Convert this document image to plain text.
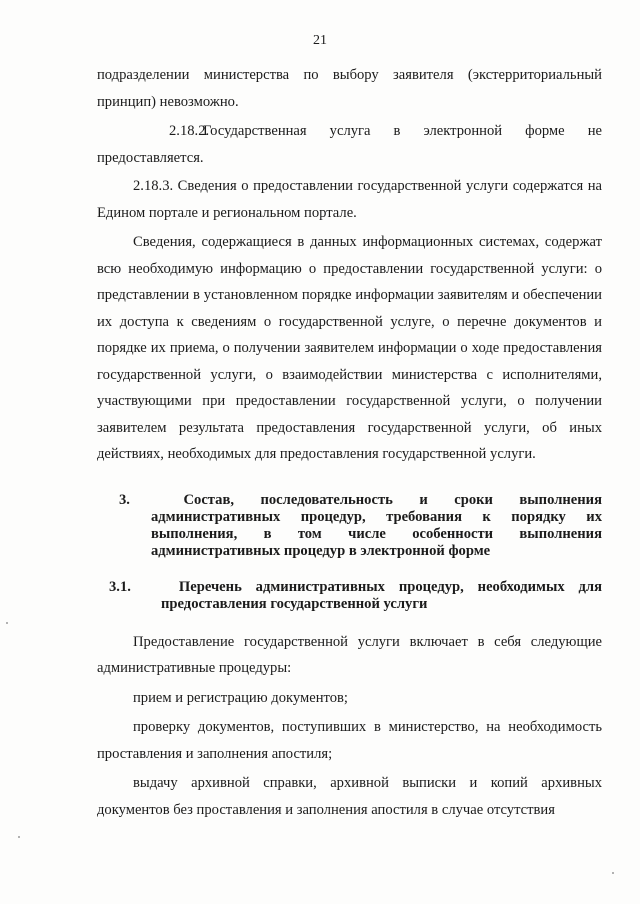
21

подразделении министерства по выбору заявителя (экстерриториальный принцип) невозможно.

2.18.2.Государственная услуга в электронной форме не предоставляется.

2.18.3. Сведения о предоставлении государственной услуги содержатся на Едином портале и региональном портале.

Сведения, содержащиеся в данных информационных системах, содержат всю необходимую информацию о предоставлении государственной услуги: о представлении в установленном порядке информации заявителям и обеспечении их доступа к сведениям о государственной услуге, о перечне документов и порядке их приема, о получении заявителем информации о ходе предоставления государственной услуги, о взаимодействии министерства с исполнителями, участвующими при предоставлении государственной услуги, о получении заявителем результата предоставления государственной услуги, об иных действиях, необходимых для предоставления государственной услуги.

3.	Состав, последовательность и сроки выполнения административных процедур, требования к порядку их выполнения, в том числе особенности выполнения административных процедур в электронной форме
3.1.	Перечень административных процедур, необходимых для предоставления государственной услуги

Предоставление государственной услуги включает в себя следующие административные процедуры:

прием и регистрацию документов;

проверку документов, поступивших в министерство, на необходимость проставления и заполнения апостиля;

выдачу архивной справки, архивной выписки и копий архивных документов без проставления и заполнения апостиля в случае отсутствия
